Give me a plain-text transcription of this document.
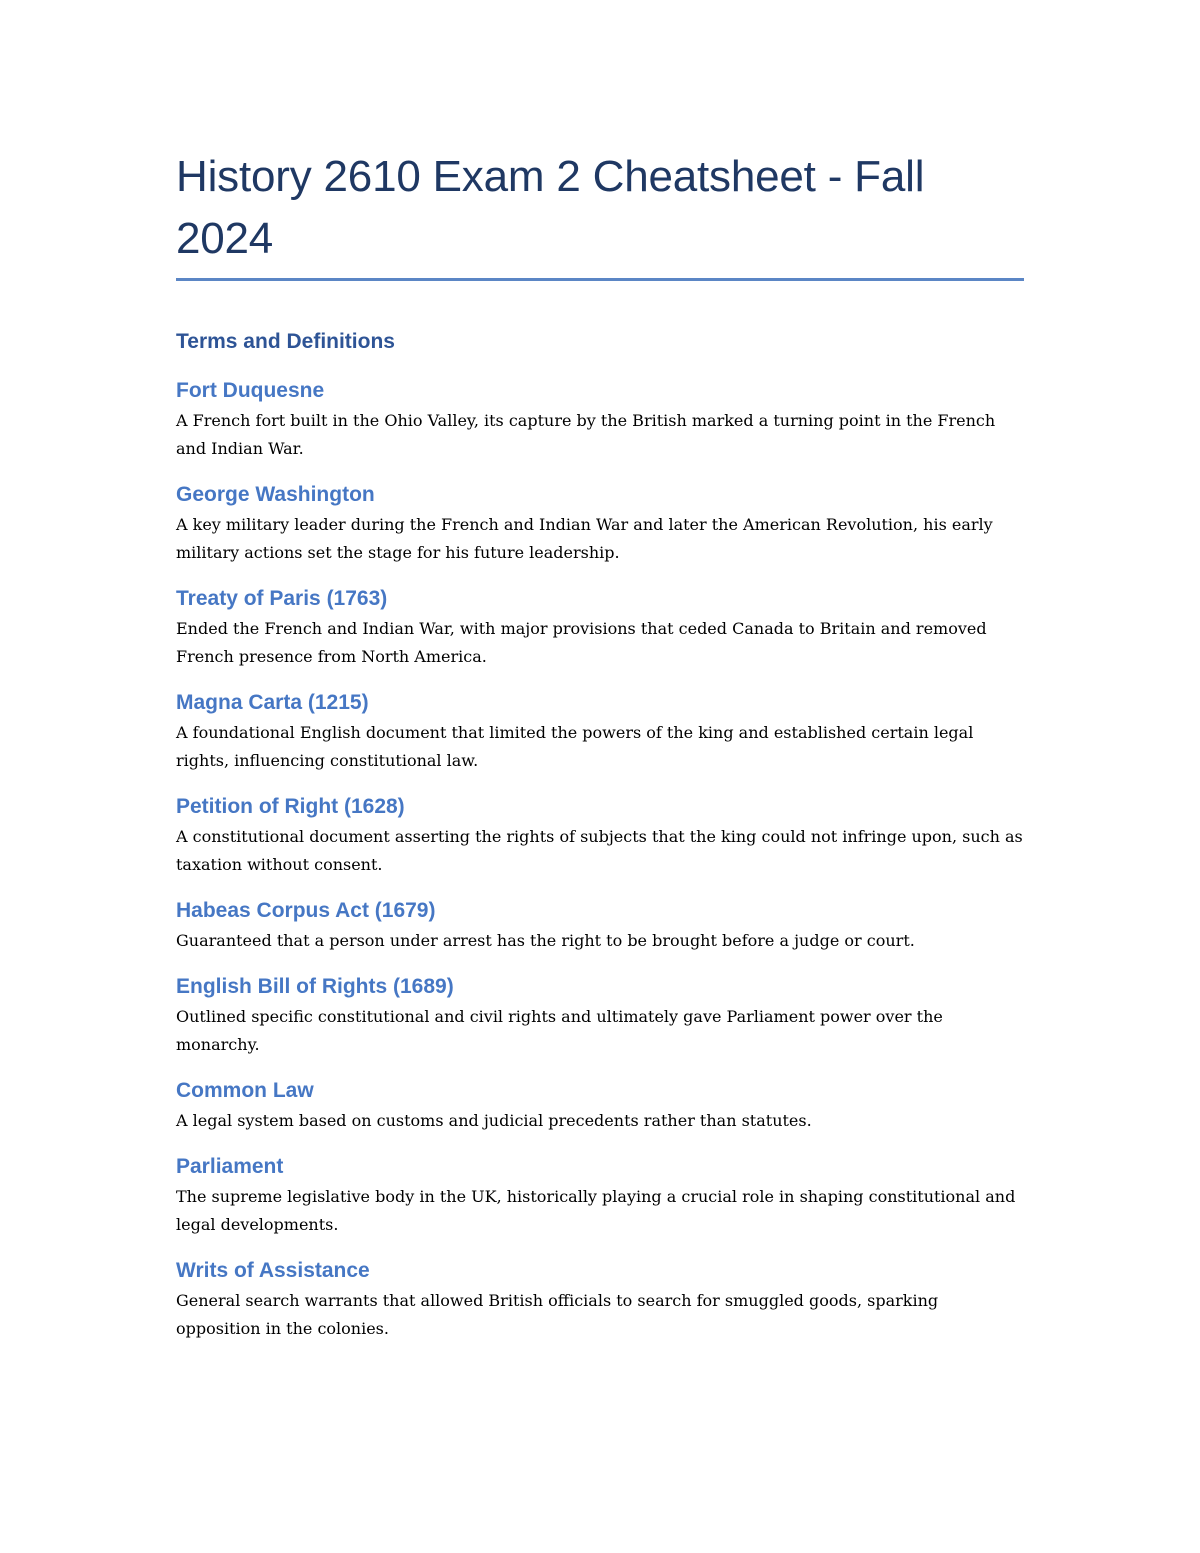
History 2610 Exam 2 Cheatsheet - Fall 2024
Terms and Definitions
Fort Duquesne

A French fort built in the Ohio Valley, its capture by the British marked a turning point in the French and Indian War.

George Washington

A key military leader during the French and Indian War and later the American Revolution, his early military actions set the stage for his future leadership.

Treaty of Paris (1763)

Ended the French and Indian War, with major provisions that ceded Canada to Britain and removed French presence from North America.

Magna Carta (1215)

A foundational English document that limited the powers of the king and established certain legal rights, influencing constitutional law.

Petition of Right (1628)

A constitutional document asserting the rights of subjects that the king could not infringe upon, such as taxation without consent.

Habeas Corpus Act (1679)

Guaranteed that a person under arrest has the right to be brought before a judge or court.

English Bill of Rights (1689)

Outlined specific constitutional and civil rights and ultimately gave Parliament power over the monarchy.

Common Law

A legal system based on customs and judicial precedents rather than statutes.

Parliament

The supreme legislative body in the UK, historically playing a crucial role in shaping constitutional and legal developments.

Writs of Assistance

General search warrants that allowed British officials to search for smuggled goods, sparking opposition in the colonies.
